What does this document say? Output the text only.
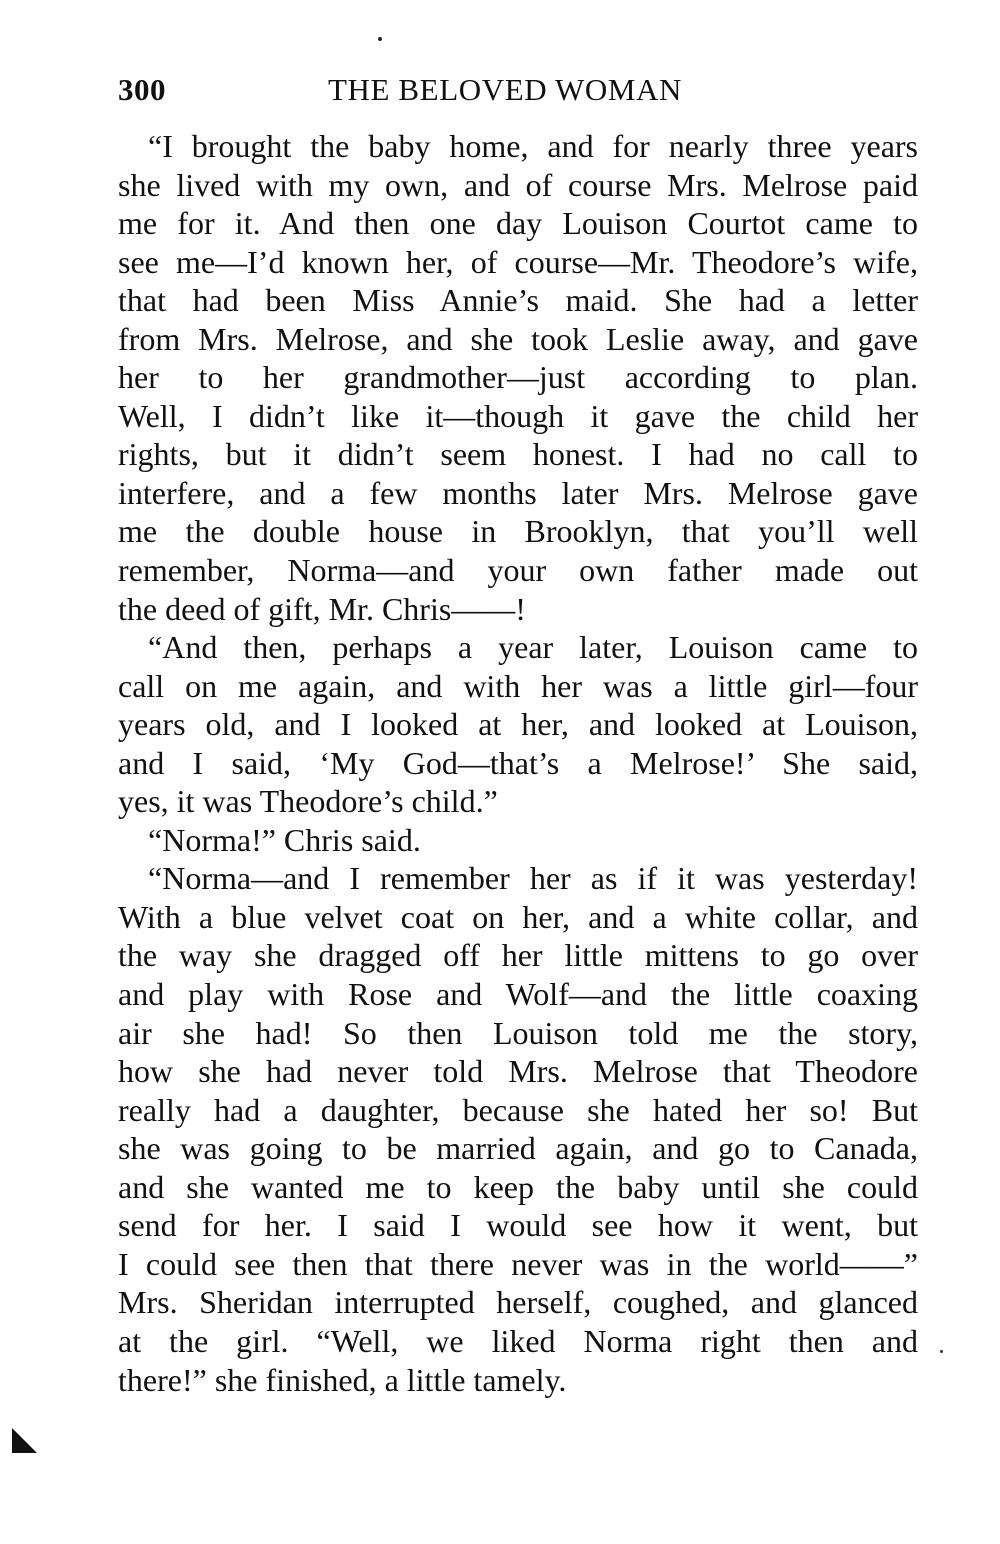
300	THE BELOVED WOMAN
“I brought the baby home, and for nearly three years
she lived with my own, and of course Mrs. Melrose paid
me for it. And then one day Louison Courtot came to
see me—I’d known her, of course—Mr. Theodore’s wife,
that had been Miss Annie’s maid. She had a letter
from Mrs. Melrose, and she took Leslie away, and gave
her to her grandmother—just according to plan.
Well, I didn’t like it—though it gave the child her
rights, but it didn’t seem honest. I had no call to
interfere, and a few months later Mrs. Melrose gave
me the double house in Brooklyn, that you’ll well
remember, Norma—and your own father made out
the deed of gift, Mr. Chris——!
“And then, perhaps a year later, Louison came to
call on me again, and with her was a little girl—four
years old, and I looked at her, and looked at Louison,
and I said, ‘My God—that’s a Melrose!’ She said,
yes, it was Theodore’s child.”
“Norma!” Chris said.
“Norma—and I remember her as if it was yesterday!
With a blue velvet coat on her, and a white collar, and
the way she dragged off her little mittens to go over
and play with Rose and Wolf—and the little coaxing
air she had! So then Louison told me the story,
how she had never told Mrs. Melrose that Theodore
really had a daughter, because she hated her so! But
she was going to be married again, and go to Canada,
and she wanted me to keep the baby until she could
send for her. I said I would see how it went, but
I could see then that there never was in the world——”
Mrs. Sheridan interrupted herself, coughed, and glanced
at the girl. “Well, we liked Norma right then and
there!” she finished, a little tamely.
